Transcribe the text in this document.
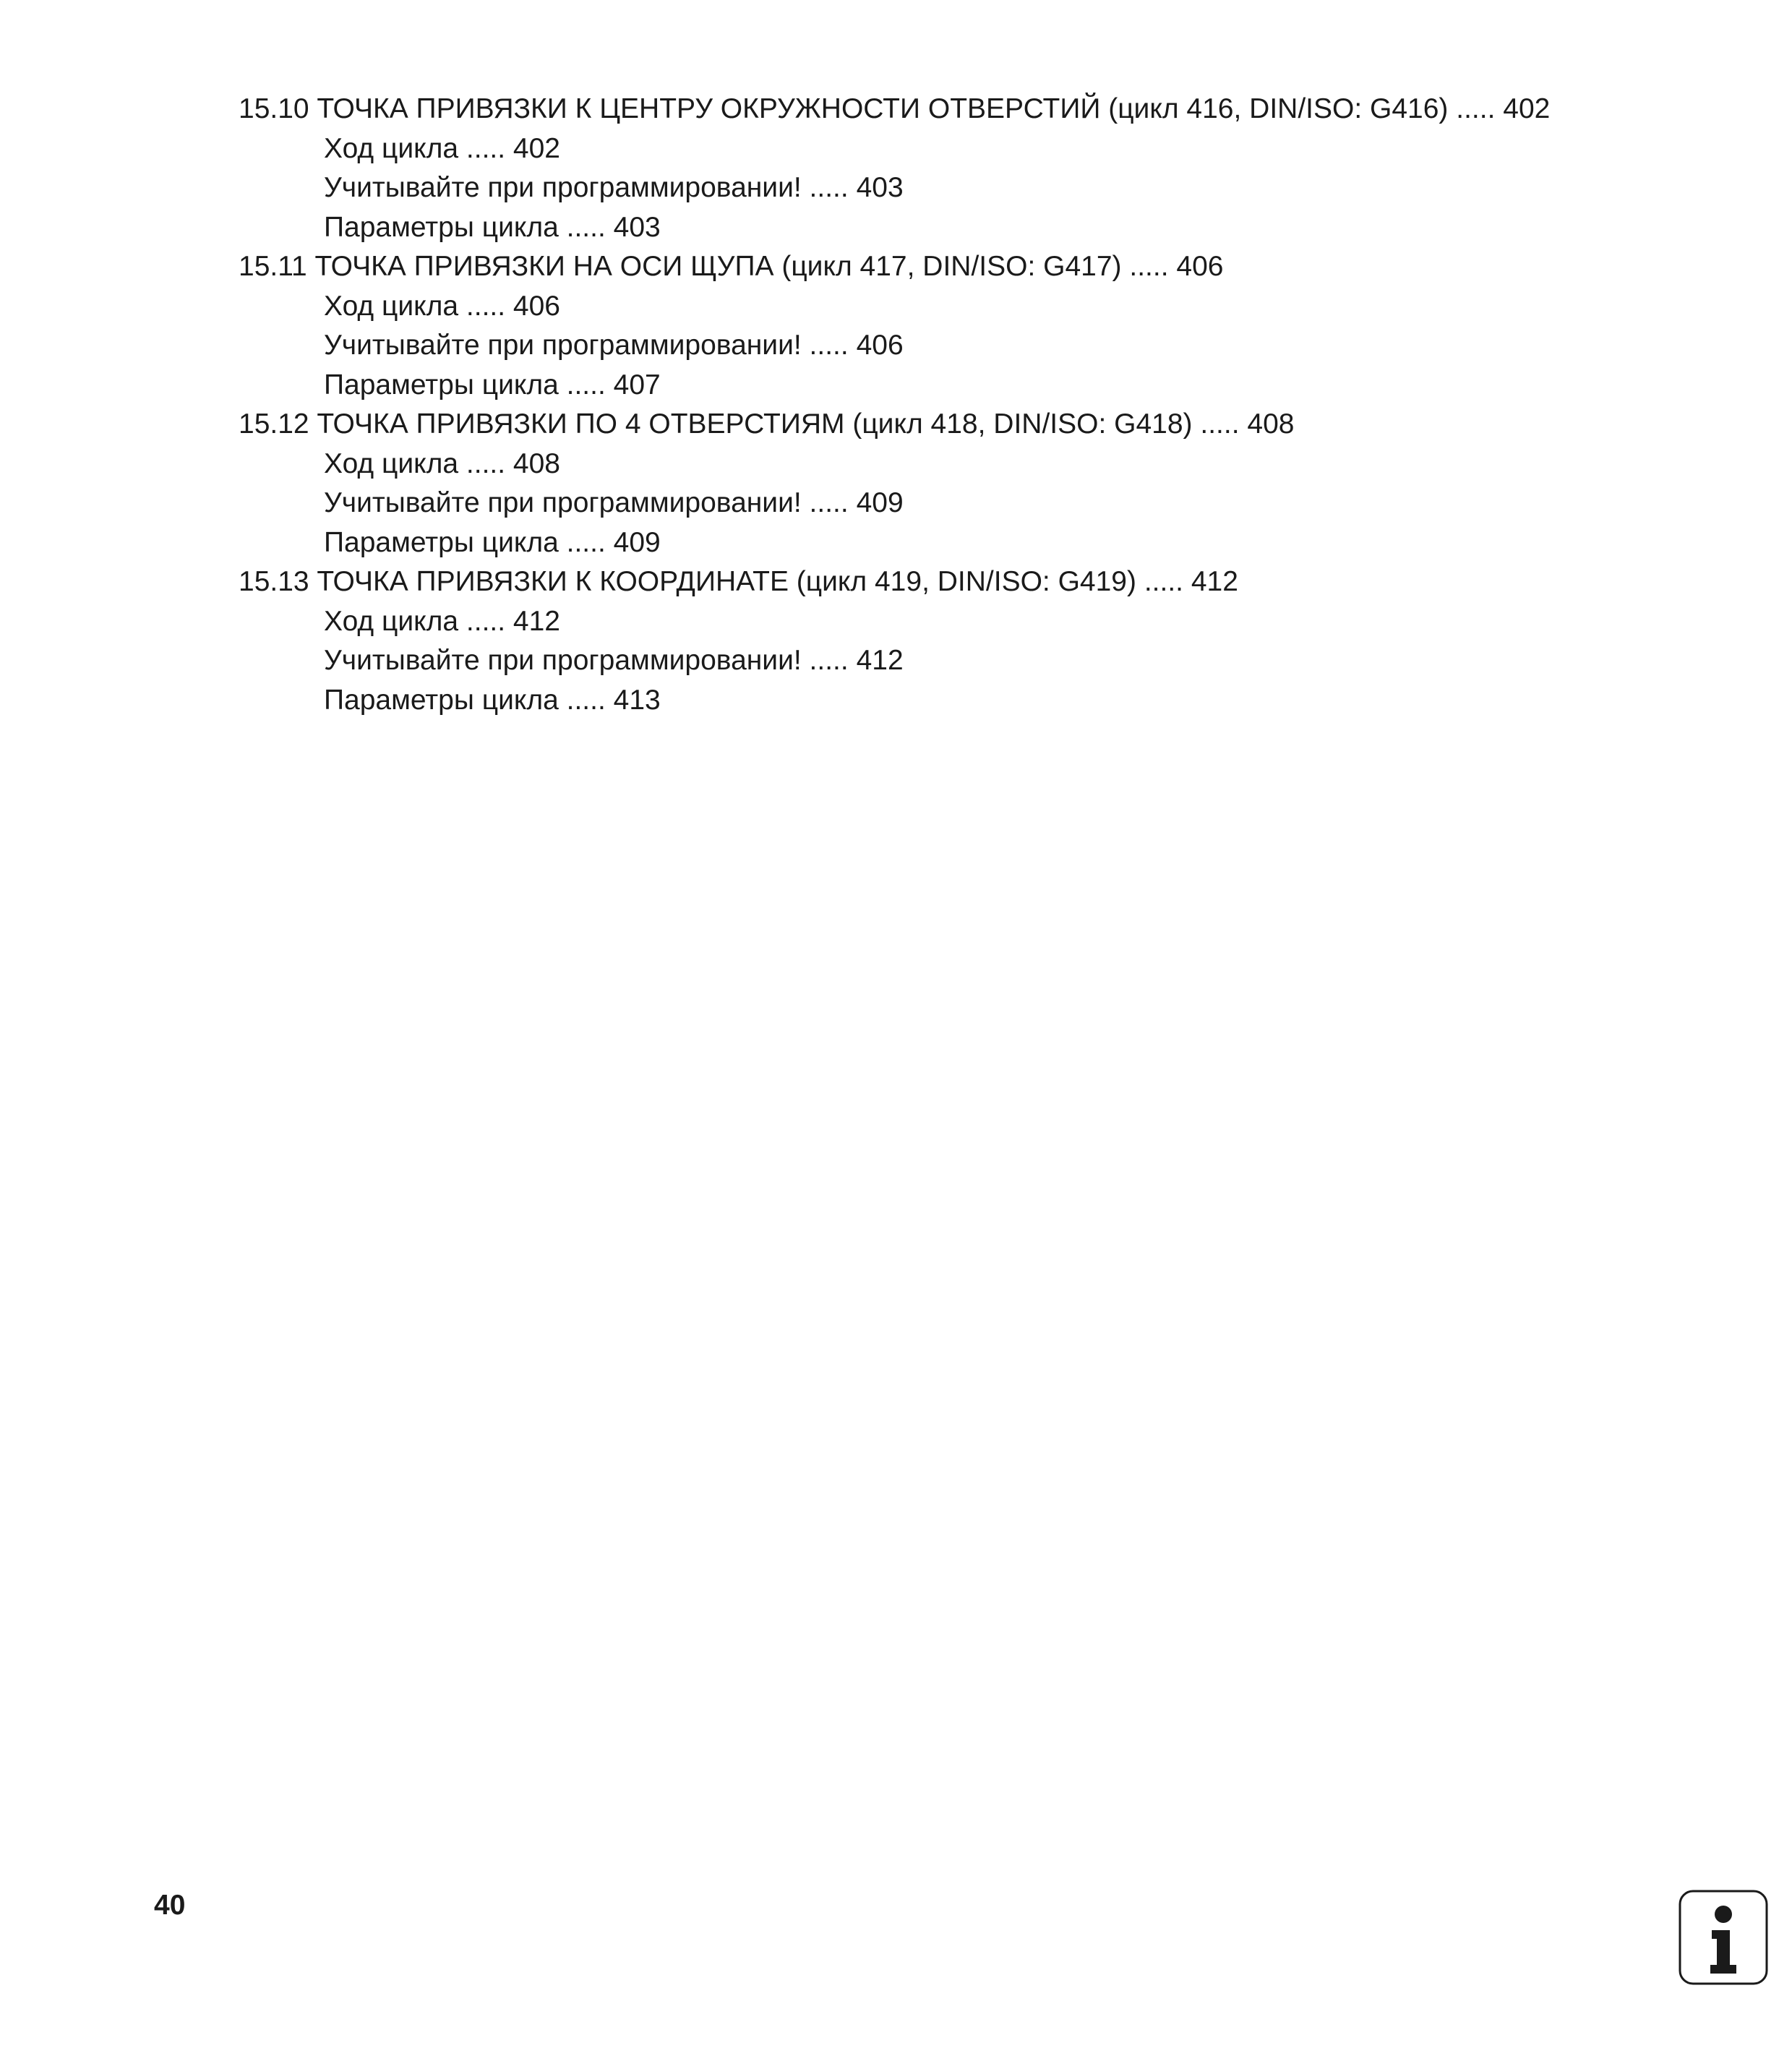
15.10 ТОЧКА ПРИВЯЗКИ К ЦЕНТРУ ОКРУЖНОСТИ ОТВЕРСТИЙ (цикл 416, DIN/ISO: G416) ..... 402
Ход цикла ..... 402
Учитывайте при программировании! ..... 403
Параметры цикла ..... 403
15.11 ТОЧКА ПРИВЯЗКИ НА ОСИ ЩУПА (цикл 417, DIN/ISO: G417) ..... 406
Ход цикла ..... 406
Учитывайте при программировании! ..... 406
Параметры цикла ..... 407
15.12 ТОЧКА ПРИВЯЗКИ ПО 4 ОТВЕРСТИЯМ (цикл 418, DIN/ISO: G418) ..... 408
Ход цикла ..... 408
Учитывайте при программировании! ..... 409
Параметры цикла ..... 409
15.13 ТОЧКА ПРИВЯЗКИ К КООРДИНАТЕ (цикл 419, DIN/ISO: G419) ..... 412
Ход цикла ..... 412
Учитывайте при программировании! ..... 412
Параметры цикла ..... 413
40
